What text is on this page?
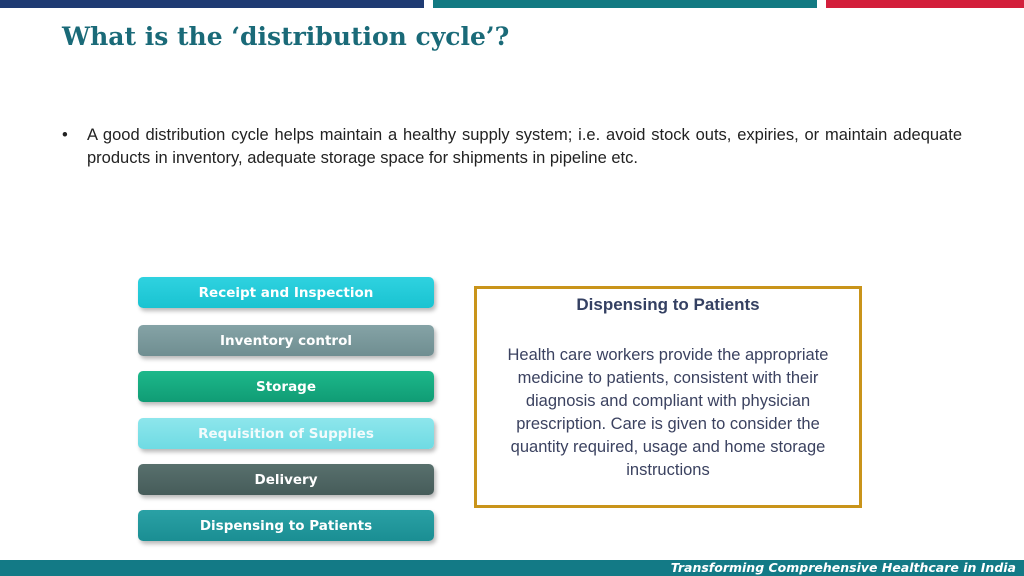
What is the ‘distribution cycle’?
•	A good distribution cycle helps maintain a healthy supply system; i.e. avoid stock outs, expiries, or maintain adequate products in inventory, adequate storage space for shipments in pipeline etc.
Receipt and Inspection
Inventory control
Storage
Requisition of Supplies
Delivery
Dispensing to Patients
Dispensing to Patients
Health care workers provide the appropriate medicine to patients, consistent with their diagnosis and compliant with physician prescription. Care is given to consider the quantity required, usage and home storage instructions
Transforming Comprehensive Healthcare in India
